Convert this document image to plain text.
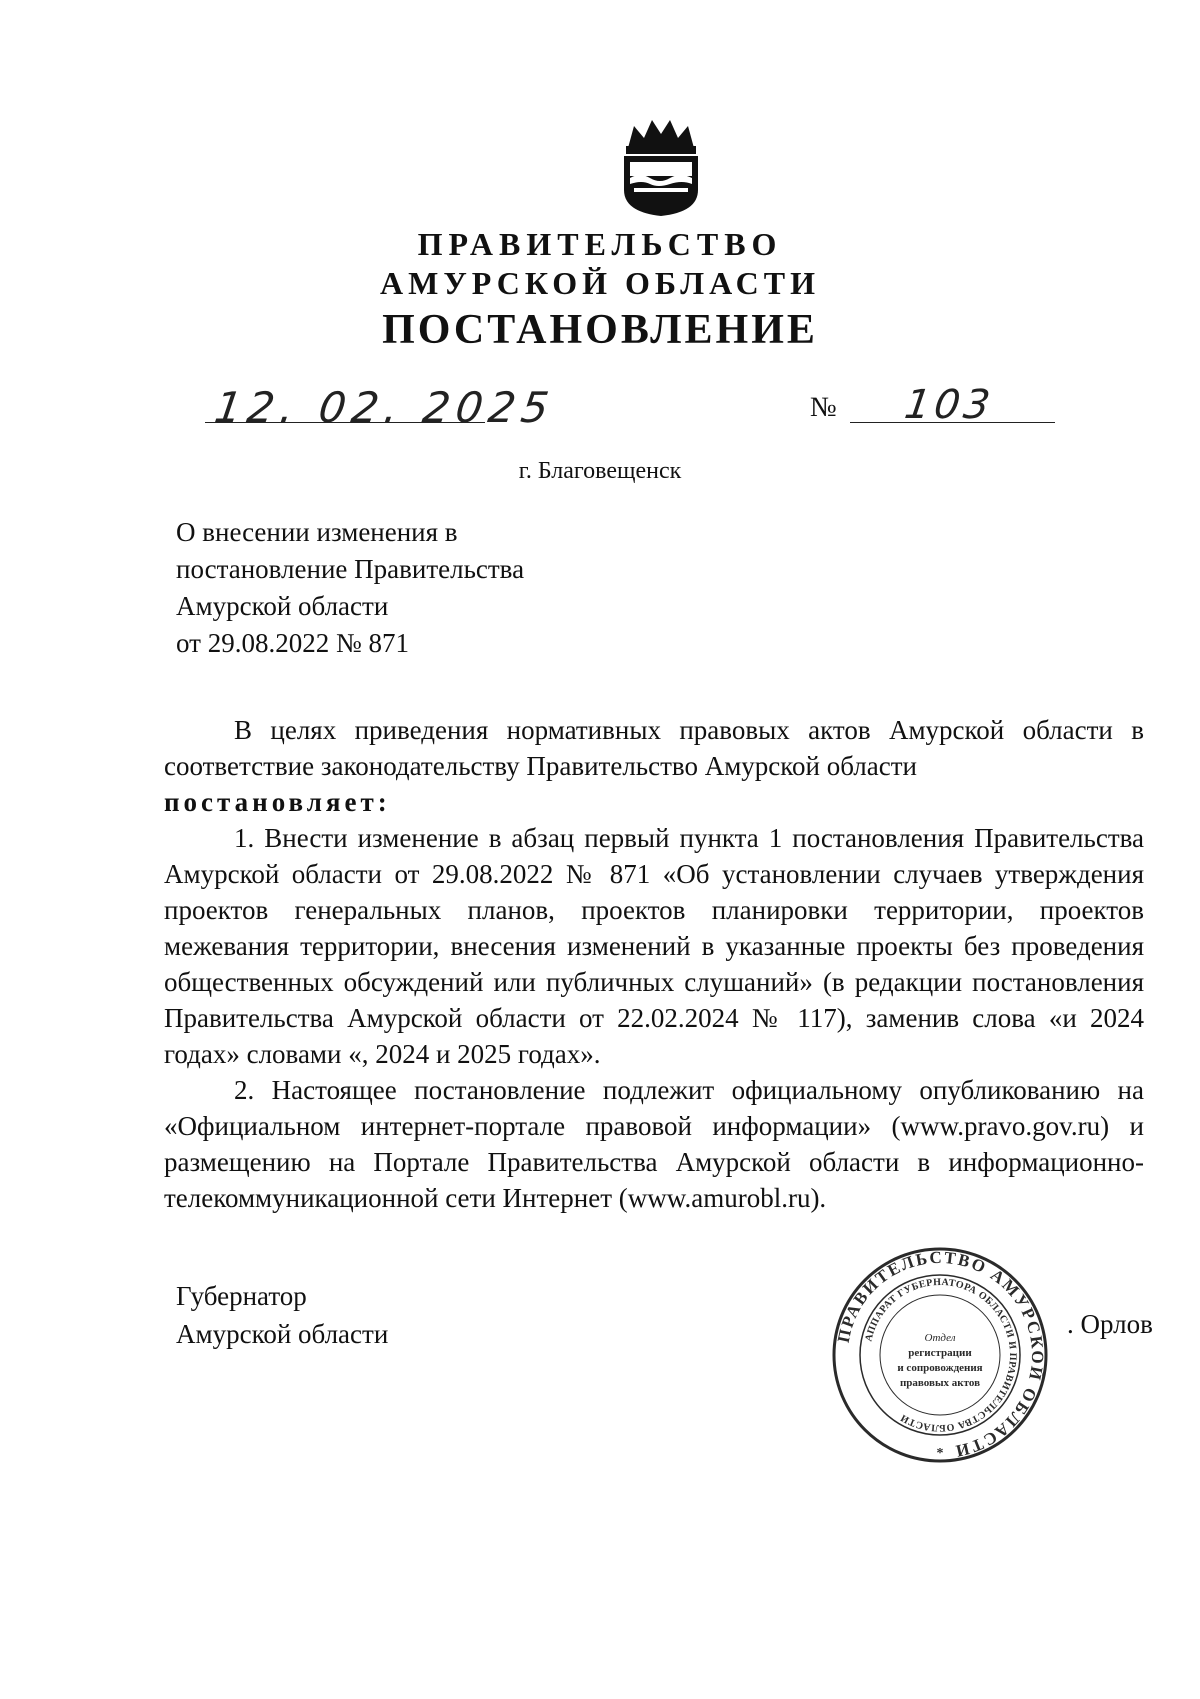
ПРАВИТЕЛЬСТВО
АМУРСКОЙ ОБЛАСТИ
ПОСТАНОВЛЕНИЕ
12. 02. 2025	№ 103
г. Благовещенск
О внесении изменения в
постановление Правительства
Амурской области
от 29.08.2022 № 871

В целях приведения нормативных правовых актов Амурской области в соответствие законодательству Правительство Амурской области

постановляет:

1. Внести изменение в абзац первый пункта 1 постановления Правительства Амурской области от 29.08.2022 № 871 «Об установлении случаев утверждения проектов генеральных планов, проектов планировки территории, проектов межевания территории, внесения изменений в указанные проекты без проведения общественных обсуждений или публичных слушаний» (в редакции постановления Правительства Амурской области от 22.02.2024 № 117), заменив слова «и 2024 годах» словами «, 2024 и 2025 годах».

2. Настоящее постановление подлежит официальному опубликованию на «Официальном интернет-портале правовой информации» (www.pravo.gov.ru) и размещению на Портале Правительства Амурской области в информационно-телекоммуникационной сети Интернет (www.amurobl.ru).

Губернатор
Амурской области	. Орлов
ПРАВИТЕЛЬСТВО АМУРСКОЙ ОБЛАСТИ
АППАРАТ ГУБЕРНАТОРА ОБЛАСТИ И ПРАВИТЕЛЬСТВА ОБЛАСТИ
Отдел
регистрации
и сопровождения
правовых актов
*
